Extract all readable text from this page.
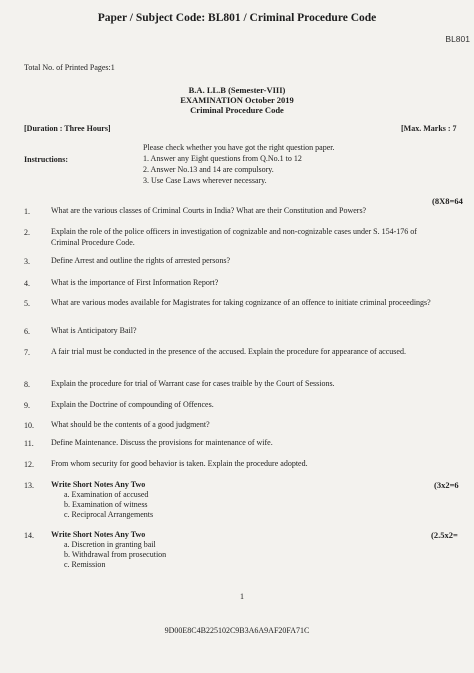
Paper / Subject Code: BL801 / Criminal Procedure Code
BL801
Total No. of Printed Pages:1
B.A. LL.B (Semester-VIII)
EXAMINATION October 2019
Criminal Procedure Code
[Duration : Three Hours]	[Max. Marks : 7
Please check whether you have got the right question paper.
Instructions:	1. Answer any Eight questions from Q.No.1 to 12
2. Answer No.13 and 14 are compulsory.
3. Use Case Laws wherever necessary.
(8X8=64
1.	What are the various classes of Criminal Courts in India? What are their Constitution and Powers?
2.	Explain the role of the police officers in investigation of cognizable and non-cognizable cases under S. 154-176 of Criminal Procedure Code.
3.	Define Arrest and outline the rights of arrested persons?
4.	What is the importance of First Information Report?
5.	What are various modes available for Magistrates for taking cognizance of an offence to initiate criminal proceedings?
6.	What is Anticipatory Bail?
7.	A fair trial must be conducted in the presence of the accused. Explain the procedure for appearance of accused.
8.	Explain the procedure for trial of Warrant case for cases traible by the Court of Sessions.
9.	Explain the Doctrine of compounding of Offences.
10. What should be the contents of a good judgment?
11. Define Maintenance. Discuss the provisions for maintenance of wife.
12. From whom security for good behavior is taken. Explain the procedure adopted.
13. Write Short Notes Any Two	(3x2=6
a. Examination of accused
b. Examination of witness
c. Reciprocal Arrangements
14. Write Short Notes Any Two	(2.5x2=
a. Discretion in granting bail
b. Withdrawal from prosecution
c. Remission
1
9D00E8C4B225102C9B3A6A9AF20FA71C
